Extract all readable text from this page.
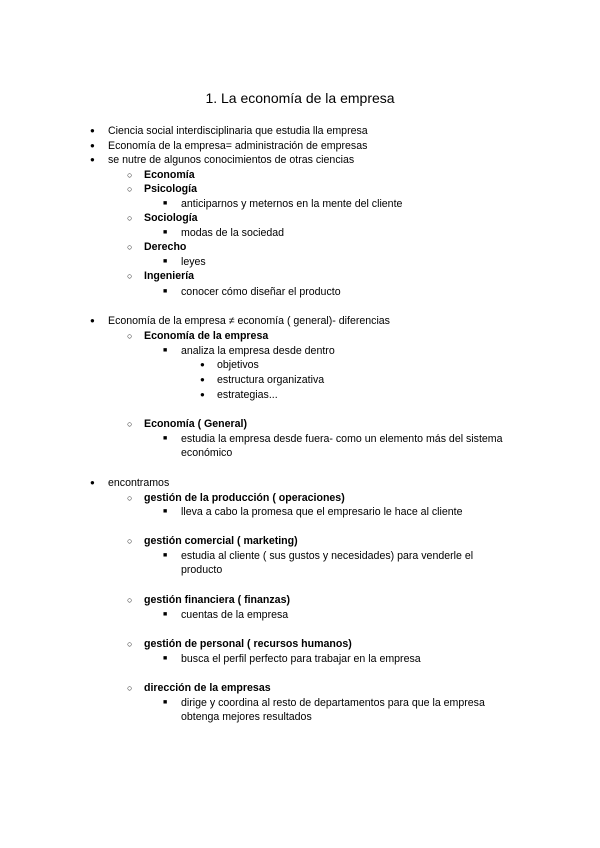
1. La economía de la empresa
● Ciencia social interdisciplinaria que estudia lla empresa
● Economía de la empresa= administración de empresas
● se nutre de algunos conocimientos de otras ciencias
○ Economía
○ Psicología
■ anticiparnos y meternos en la mente del cliente
○ Sociología
■ modas de la sociedad
○ Derecho
■ leyes
○ Ingeniería
■ conocer cómo diseñar el producto
● Economía de la empresa ≠ economía ( general)- diferencias
○ Economía de la empresa
■ analiza la empresa desde dentro
● objetivos
● estructura organizativa
● estrategias...
○ Economía ( General)
■ estudia la empresa desde fuera- como un elemento más del sistema
económico
● encontramos
○ gestión de la producción ( operaciones)
■ lleva a cabo la promesa que el empresario le hace al cliente
○ gestión comercial ( marketing)
■ estudia al cliente ( sus gustos y necesidades) para venderle el
producto
○ gestión financiera ( finanzas)
■ cuentas de la empresa
○ gestión de personal ( recursos humanos)
■ busca el perfil perfecto para trabajar en la empresa
○ dirección de la empresas
■ dirige y coordina al resto de departamentos para que la empresa
obtenga mejores resultados
